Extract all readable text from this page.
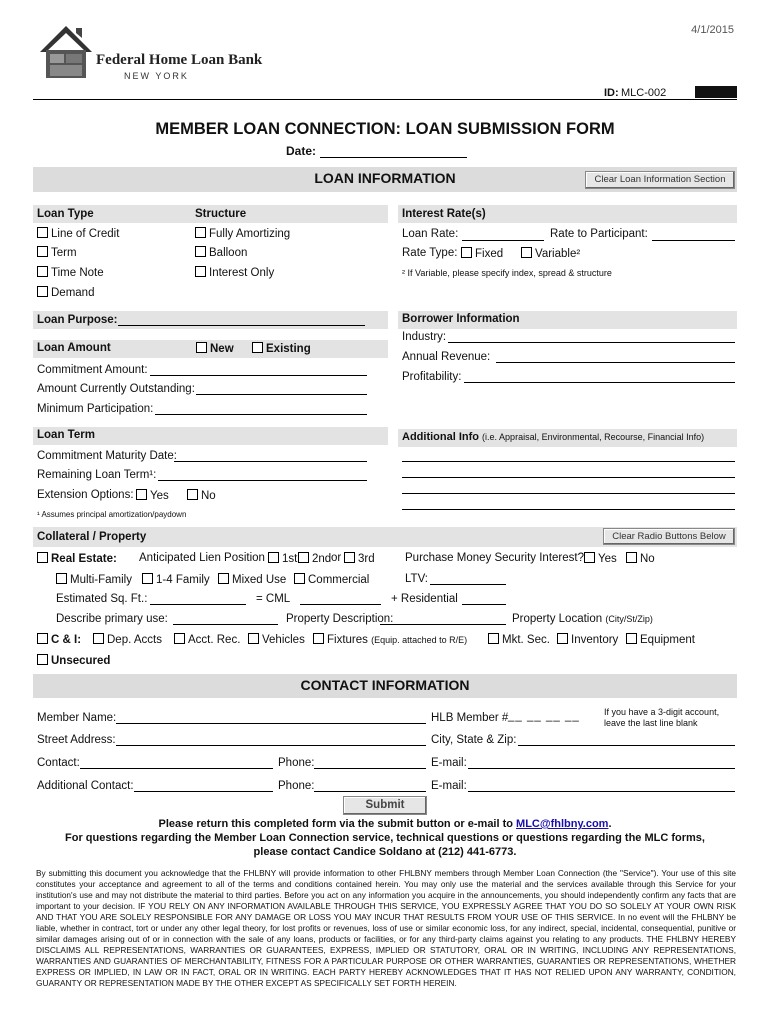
4/1/2015
Federal Home Loan Bank
NEW YORK
ID: MLC-002
MEMBER LOAN CONNECTION: LOAN SUBMISSION FORM
Date:
LOAN INFORMATION	Clear Loan Information Section
Loan Type
Line of Credit
Term
Time Note
Demand
Structure
Fully Amortizing
Balloon
Interest Only
Interest Rate(s)
Loan Rate:	Rate to Participant:
Rate Type:	Fixed	Variable²
² If Variable, please specify index, spread & structure
Loan Purpose:	Borrower Information
Industry:
Annual Revenue:
Profitability:
Loan Amount	New	Existing
Commitment Amount:
Amount Currently Outstanding:
Minimum Participation:
Loan Term
Commitment Maturity Date:
Remaining Loan Term¹:
Extension Options:	Yes	No
¹ Assumes principal amortization/paydown
Additional Info (i.e. Appraisal, Environmental, Recourse, Financial Info)
Collateral / Property	Clear Radio Buttons Below
Real Estate: Anticipated Lien Position	1st	2nd or	3rd	Purchase Money Security Interest?	Yes	No
Multi-Family	1-4 Family	Mixed Use	Commercial	LTV:
Estimated Sq. Ft.:	= CML	+ Residential
Describe primary use:	Property Description:	Property Location (City/St/Zip)
C & I:	Dep. Accts	Acct. Rec.	Vehicles	Fixtures (Equip. attached to R/E)	Mkt. Sec.	Inventory	Equipment
Unsecured
CONTACT INFORMATION
Member Name:	HLB Member # __ __ __ __	If you have a 3-digit account, leave the last line blank
Street Address:	City, State & Zip:
Contact:	Phone:	E-mail:
Additional Contact:	Phone:	E-mail:
Submit
Please return this completed form via the submit button or e-mail to MLC@fhlbny.com.
For questions regarding the Member Loan Connection service, technical questions or questions regarding the MLC forms,
please contact Candice Soldano at (212) 441-6773.
By submitting this document you acknowledge that the FHLBNY will provide information to other FHLBNY members through Member Loan Connection (the "Service"). Your use of this site constitutes your acceptance and agreement to all of the terms and conditions contained herein. You may only use the material and the services available through this Service for your institution's use and may not distribute the material to third parties. Before you act on any information you acquire in the announcements, you should independently confirm any facts that are important to your decision. IF YOU RELY ON ANY INFORMATION AVAILABLE THROUGH THIS SERVICE, YOU EXPRESSLY AGREE THAT YOU DO SO SOLELY AT YOUR OWN RISK AND THAT YOU ARE SOLELY RESPONSIBLE FOR ANY DAMAGE OR LOSS YOU MAY INCUR THAT RESULTS FROM YOUR USE OF THIS SERVICE. In no event will the FHLBNY be liable, whether in contract, tort or under any other legal theory, for lost profits or revenues, loss of use or similar economic loss, for any indirect, special, incidental, consequential, punitive or similar damages arising out of or in connection with the sale of any loans, products or facilities, or for any third-party claims against you relating to any products. THE FHLBNY HEREBY DISCLAIMS ALL REPRESENTATIONS, WARRANTIES OR GUARANTEES, EXPRESS, IMPLIED OR STATUTORY, ORAL OR IN WRITING, INCLUDING ANY REPRESENTATIONS, WARRANTIES AND GUARANTIES OF MERCHANTABILITY, FITNESS FOR A PARTICULAR PURPOSE OR OTHER WARRANTIES, GUARANTIES OR REPRESENTATIONS, WHETHER EXPRESS OR IMPLIED, IN LAW OR IN FACT, ORAL OR IN WRITING. EACH PARTY HEREBY ACKNOWLEDGES THAT IT HAS NOT RELIED UPON ANY WARRANTY, CONDITION, GUARANTY OR REPRESENTATION MADE BY THE OTHER EXCEPT AS SPECIFICALLY SET FORTH HEREIN.
